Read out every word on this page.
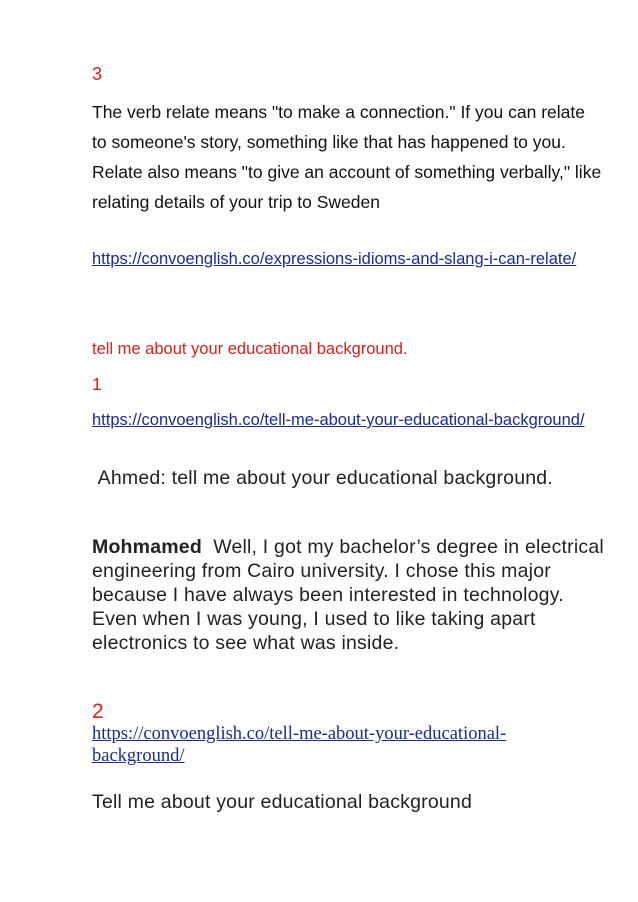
3

The verb relate means "to make a connection." If you can relate to someone's story, something like that has happened to you. Relate also means "to give an account of something verbally," like relating details of your trip to Sweden

https://convoenglish.co/expressions-idioms-and-slang-i-can-relate/

tell me about your educational background.

1

https://convoenglish.co/tell-me-about-your-educational-background/

Ahmed: tell me about your educational background.

Mohmamed  Well, I got my bachelor’s degree in electrical engineering from Cairo university. I chose this major because I have always been interested in technology. Even when I was young, I used to like taking apart electronics to see what was inside.

2

https://convoenglish.co/tell-me-about-your-educational-background/

Tell me about your educational background
